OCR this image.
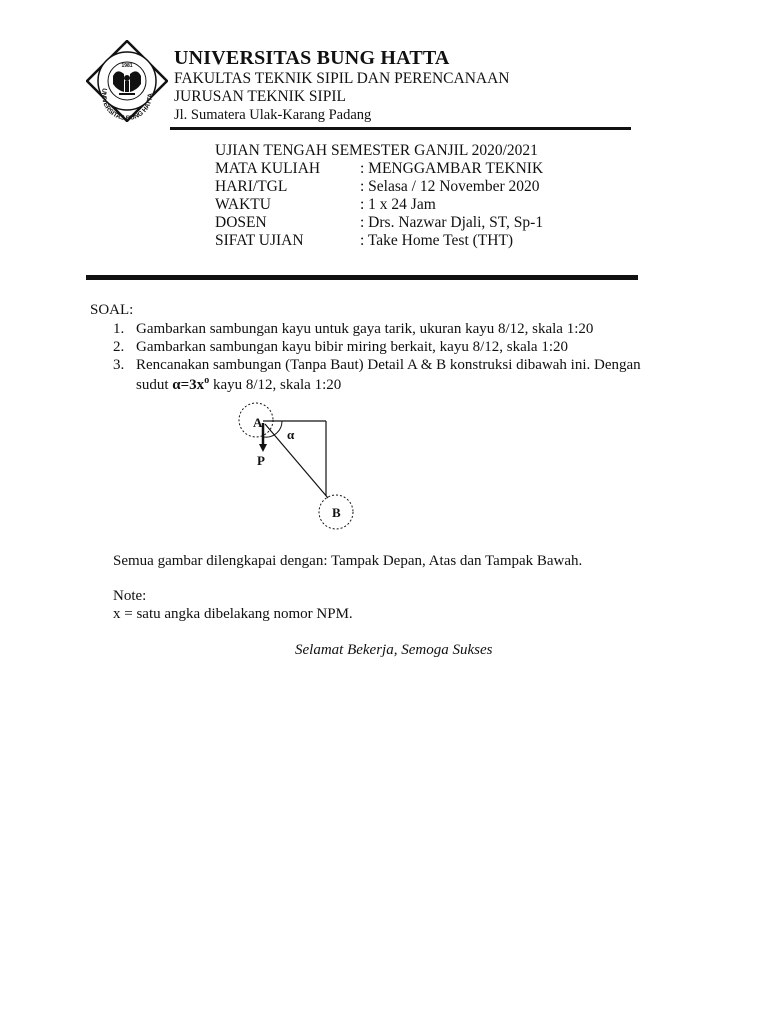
UNIVERSITAS BUNG HATTA
1981 UNIVERSITAS BUNG HATTA
FAKULTAS TEKNIK SIPIL DAN PERENCANAAN
JURUSAN TEKNIK SIPIL
Jl. Sumatera Ulak-Karang Padang
UJIAN TENGAH SEMESTER GANJIL 2020/2021
MATA KULIAH	: MENGGAMBAR TEKNIK
HARI/TGL	: Selasa / 12 November 2020
WAKTU	: 1 x 24 Jam
DOSEN	: Drs. Nazwar Djali, ST, Sp-1
SIFAT UJIAN	: Take Home Test (THT)
SOAL:
1. Gambarkan sambungan kayu untuk gaya tarik, ukuran kayu 8/12, skala 1:20
2. Gambarkan sambungan kayu bibir miring berkait, kayu 8/12, skala 1:20
3. Rencanakan sambungan (Tanpa Baut) Detail A & B konstruksi dibawah ini. Dengan
sudut $\alpha=3x^o$ kayu 8/12, skala 1:20
A
α
P
B
Semua gambar dilengkapai dengan: Tampak Depan, Atas dan Tampak Bawah.
Note:
x = satu angka dibelakang nomor NPM.
Selamat Bekerja, Semoga Sukses
